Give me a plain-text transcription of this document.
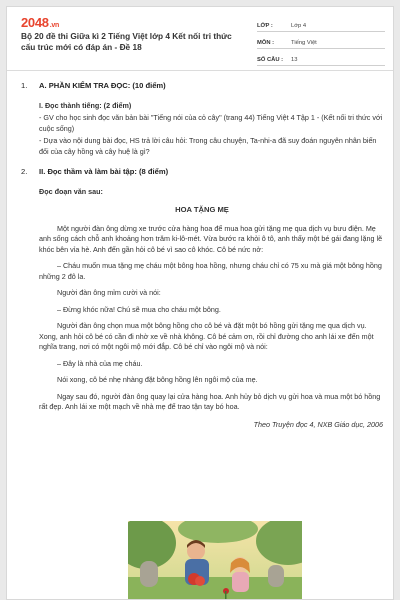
2048.vn
Bộ 20 đề thi Giữa kì 2 Tiếng Việt lớp 4 Kết nối tri thức cấu trúc mới có đáp án - Đề 18
LỚP :	Lớp 4
MÔN :	Tiếng Việt
SỐ CÂU : 13
1. A. PHẦN KIỂM TRA ĐỌC: (10 điểm)
I. Đọc thành tiếng: (2 điểm)
- GV cho học sinh đọc văn bản bài "Tiếng nói của cỏ cây" (trang 44) Tiếng Việt 4 Tập 1 - (Kết nối tri thức với cuộc sống)
- Dựa vào nội dung bài đọc, HS trả lời câu hỏi: Trong câu chuyện, Ta-nhi-a đã suy đoán nguyên nhân biến đổi của cây hồng và cây huệ là gì?
2. II. Đọc thầm và làm bài tập: (8 điểm)
Đọc đoạn văn sau:
HOA TẶNG MẸ
Một người đàn ông dừng xe trước cửa hàng hoa để mua hoa gửi tặng mẹ qua dịch vụ bưu điện. Mẹ anh sống cách chỗ anh khoảng hơn trăm ki-lô-mét. Vừa bước ra khỏi ô tô, anh thấy một bé gái đang lặng lẽ khóc bên vỉa hè. Anh đến gần hỏi cô bé vì sao cô khóc. Cô bé nức nở:
– Cháu muốn mua tặng mẹ cháu một bông hoa hồng, nhưng cháu chỉ có 75 xu mà giá một bông hồng những 2 đô la.
Người đàn ông mỉm cười và nói:
– Đừng khóc nữa! Chú sẽ mua cho cháu một bông.
Người đàn ông chọn mua một bông hồng cho cô bé và đặt một bó hồng gửi tặng mẹ qua dịch vụ. Xong, anh hỏi cô bé có cần đi nhờ xe về nhà không. Cô bé cảm ơn, rồi chỉ đường cho anh lái xe đến một nghĩa trang, nơi có một ngôi mộ mới đắp. Cô bé chỉ vào ngôi mộ và nói:
– Đây là nhà của mẹ cháu.
Nói xong, cô bé nhẹ nhàng đặt bông hồng lên ngôi mộ của mẹ.
Ngay sau đó, người đàn ông quay lại cửa hàng hoa. Anh hủy bỏ dịch vụ gửi hoa và mua một bó hồng rất đẹp. Anh lái xe một mạch về nhà mẹ để trao tận tay bó hoa.
Theo Truyện đọc 4, NXB Giáo dục, 2006
